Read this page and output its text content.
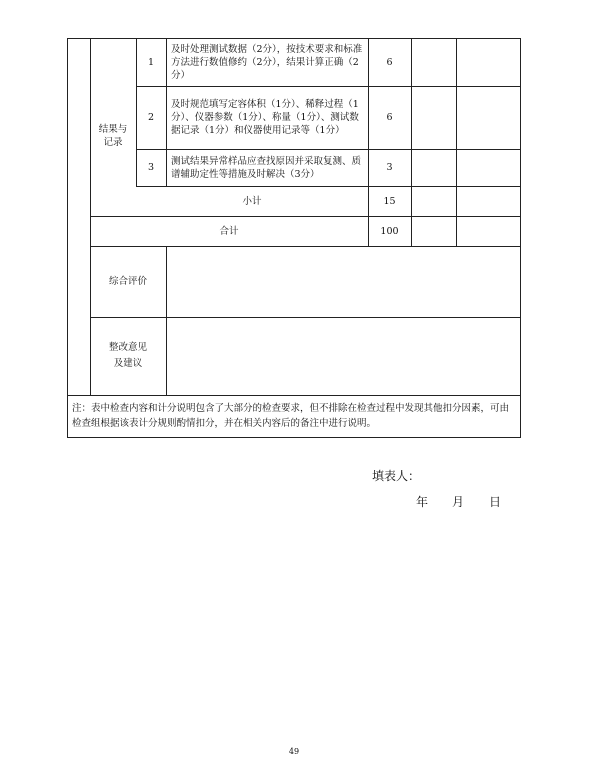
结果与
记录
1
及时处理测试数据（2分），按技术要求和标准方法进行数值修约（2分），结果计算正确（2分）
6
2
及时规范填写定容体积（1分）、稀释过程（1分）、仪器参数（1分）、称量（1分）、测试数据记录（1分）和仪器使用记录等（1分）
6
3
测试结果异常样品应查找原因并采取复测、质谱辅助定性等措施及时解决（3分）
3
小计	15
合计	100
综合评价
整改意见
及建议
注：表中检查内容和计分说明包含了大部分的检查要求，但不排除在检查过程中发现其他扣分因素，可由检查组根据该表计分规则酌情扣分，并在相关内容后的备注中进行说明。
填表人：
年 月 日
49
